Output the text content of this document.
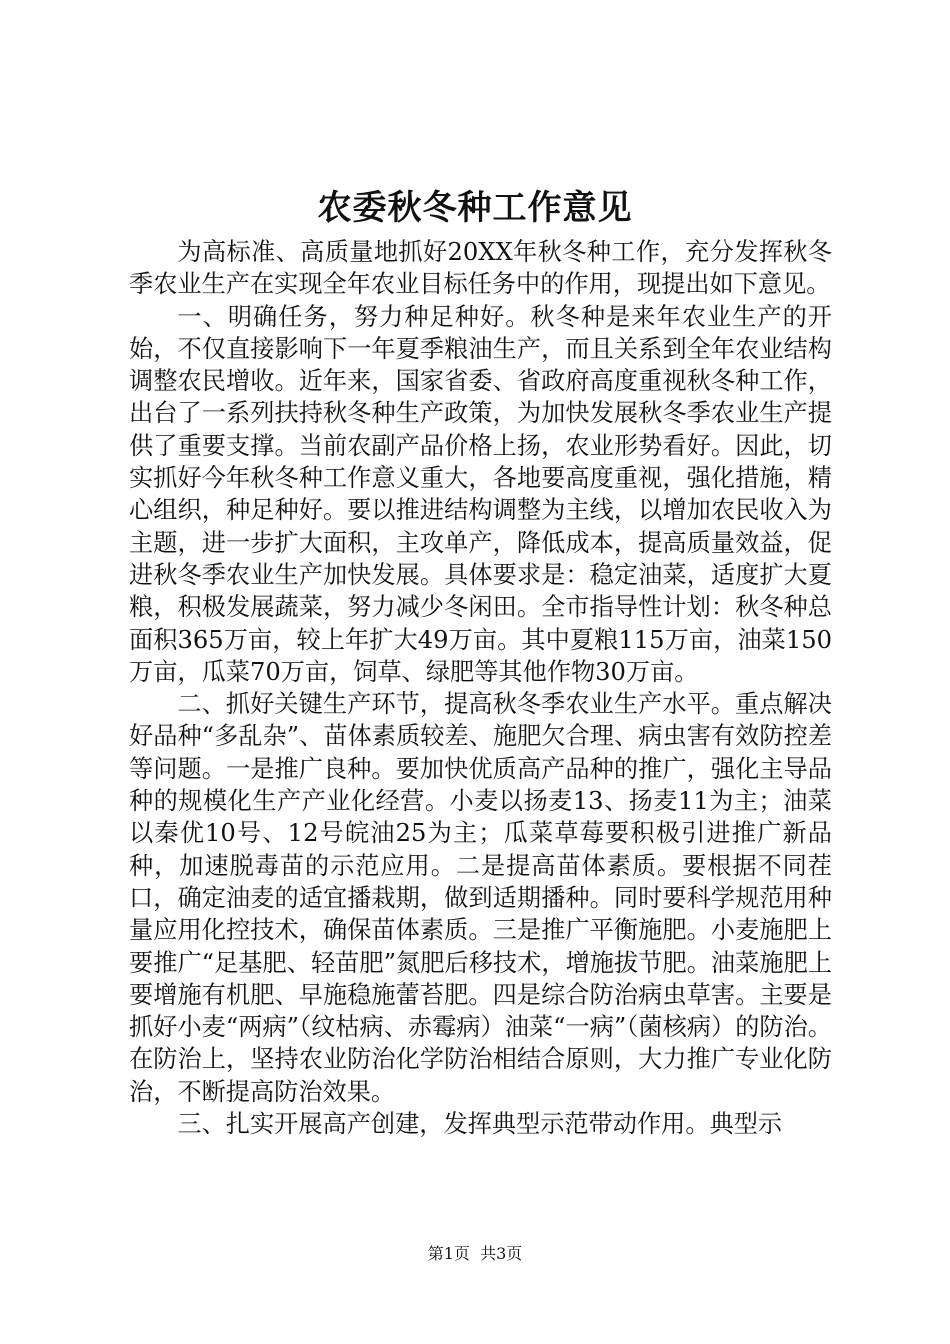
农委秋冬种工作意见

为高标准、高质量地抓好20XX年秋冬种工作，充分发挥秋冬季农业生产在实现全年农业目标任务中的作用，现提出如下意见。

一、明确任务，努力种足种好。秋冬种是来年农业生产的开始，不仅直接影响下一年夏季粮油生产，而且关系到全年农业结构调整农民增收。近年来，国家省委、省政府高度重视秋冬种工作，出台了一系列扶持秋冬种生产政策，为加快发展秋冬季农业生产提供了重要支撑。当前农副产品价格上扬，农业形势看好。因此，切实抓好今年秋冬种工作意义重大，各地要高度重视，强化措施，精心组织，种足种好。要以推进结构调整为主线，以增加农民收入为主题，进一步扩大面积，主攻单产，降低成本，提高质量效益，促进秋冬季农业生产加快发展。具体要求是：稳定油菜，适度扩大夏粮，积极发展蔬菜，努力减少冬闲田。全市指导性计划：秋冬种总面积365万亩，较上年扩大49万亩。其中夏粮115万亩，油菜150万亩，瓜菜70万亩，饲草、绿肥等其他作物30万亩。

二、抓好关键生产环节，提高秋冬季农业生产水平。重点解决好品种“多乱杂”、苗体素质较差、施肥欠合理、病虫害有效防控差等问题。一是推广良种。要加快优质高产品种的推广，强化主导品种的规模化生产产业化经营。小麦以扬麦13、扬麦11为主；油菜以秦优10号、12号皖油25为主；瓜菜草莓要积极引进推广新品种，加速脱毒苗的示范应用。二是提高苗体素质。要根据不同茬口，确定油麦的适宜播栽期，做到适期播种。同时要科学规范用种量应用化控技术，确保苗体素质。三是推广平衡施肥。小麦施肥上要推广“足基肥、轻苗肥”氮肥后移技术，增施拔节肥。油菜施肥上要增施有机肥、早施稳施蕾苔肥。四是综合防治病虫草害。主要是抓好小麦“两病”（纹枯病、赤霉病）油菜“一病”（菌核病）的防治。在防治上，坚持农业防治化学防治相结合原则，大力推广专业化防治，不断提高防治效果。

三、扎实开展高产创建，发挥典型示范带动作用。典型示

第1页 共3页
